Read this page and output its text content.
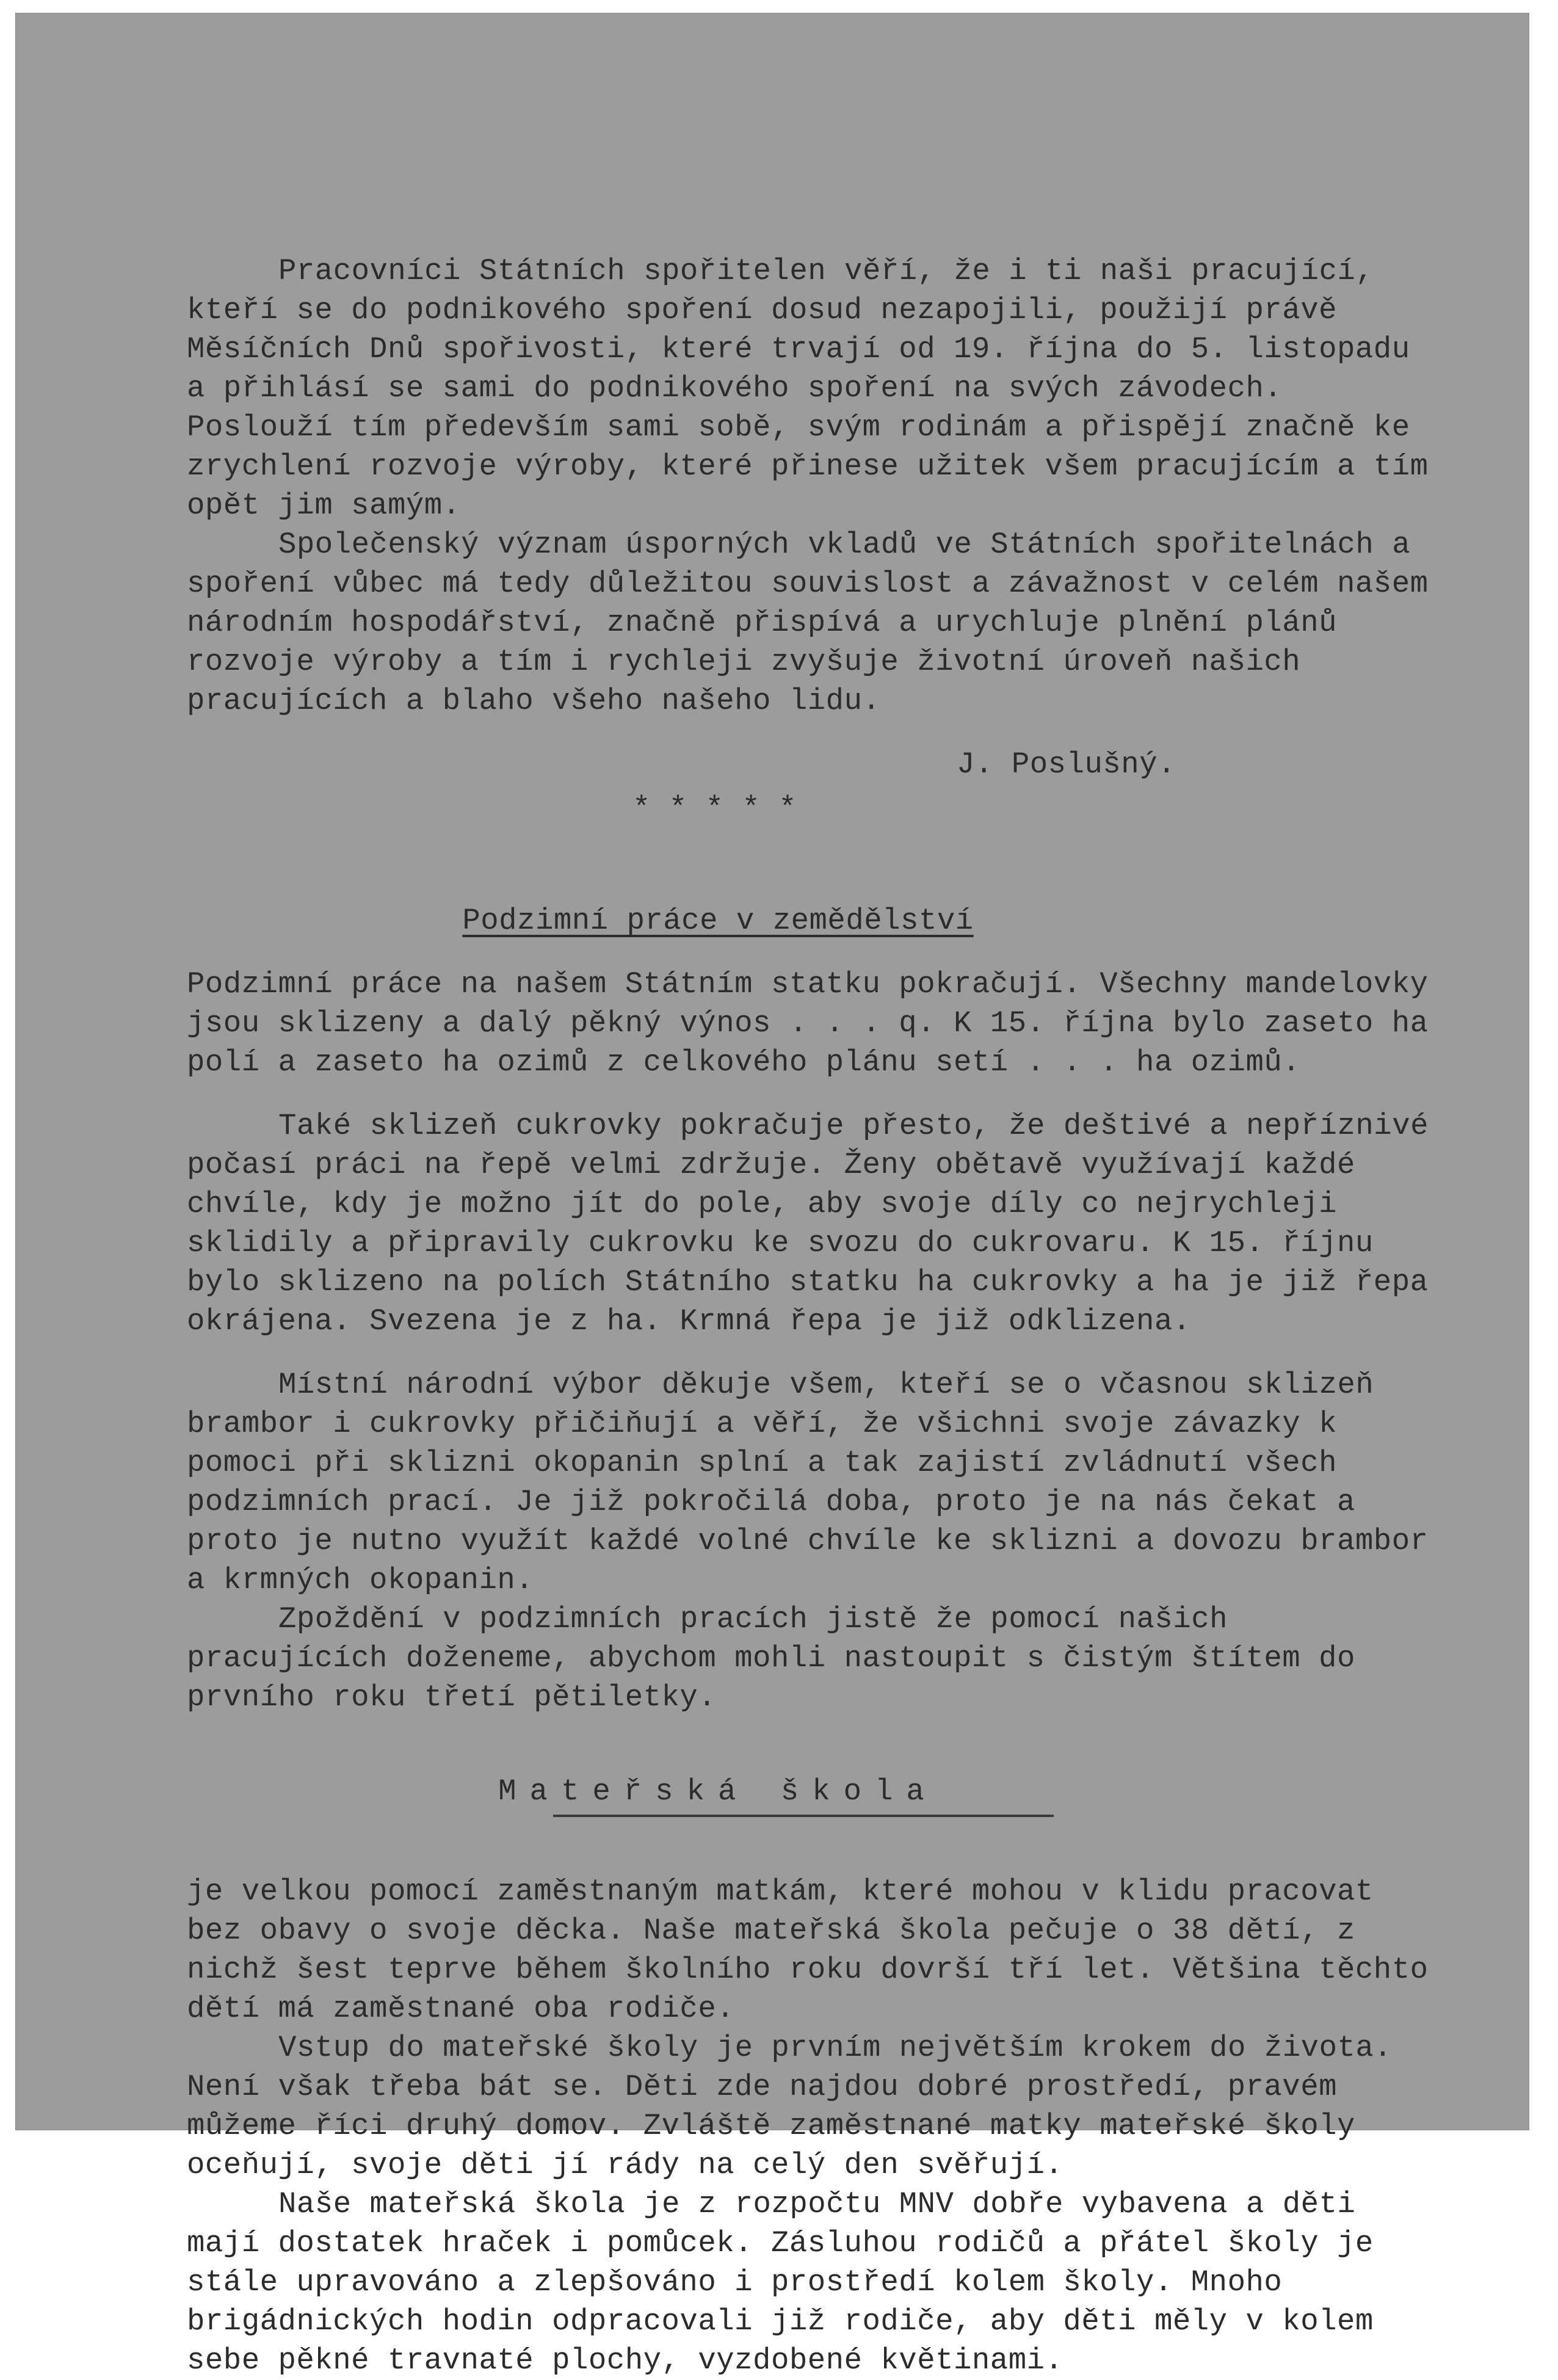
Pracovníci Státních spořitelen věří, že i ti naši pracující, kteří se do podnikového spoření dosud nezapojili, použijí právě Měsíčních Dnů spořivosti, které trvají od 19. října do 5. listopadu a přihlásí se sami do podnikového spoření na svých závodech. Poslouží tím především sami sobě, svým rodinám a přispějí značně ke zrychlení rozvoje výroby, které přinese užitek všem pracujícím a tím opět jim samým.

Společenský význam úsporných vkladů ve Státních spořitelnách a spoření vůbec má tedy důležitou souvislost a závažnost v celém našem národním hospodářství, značně přispívá a urychluje plnění plánů rozvoje výroby a tím i rychleji zvyšuje životní úroveň našich pracujících a blaho všeho našeho lidu.

J. Poslušný.

* * * * *

Podzimní práce v zemědělství

Podzimní práce na našem Státním statku pokračují. Všechny mandelovky jsou sklizeny a dalý pěkný výnos . . . q. K 15. října bylo zaseto ha polí a zaseto ha ozimů z celkového plánu setí . . . ha ozimů.

Také sklizeň cukrovky pokračuje přesto, že deštivé a nepříznivé počasí práci na řepě velmi zdržuje. Ženy obětavě využívají každé chvíle, kdy je možno jít do pole, aby svoje díly co nejrychleji sklidily a připravily cukrovku ke svozu do cukrovaru. K 15. říjnu bylo sklizeno na polích Státního statku ha cukrovky a ha je již řepa okrájena. Svezena je z ha. Krmná řepa je již odklizena.

Místní národní výbor děkuje všem, kteří se o včasnou sklizeň brambor i cukrovky přičiňují a věří, že všichni svoje závazky k pomoci při sklizni okopanin splní a tak zajistí zvládnutí všech podzimních prací. Je již pokročilá doba, proto je na nás čekat a proto je nutno využít každé volné chvíle ke sklizni a dovozu brambor a krmných okopanin.

Zpoždění v podzimních pracích jistě že pomocí našich pracujících doženeme, abychom mohli nastoupit s čistým štítem do prvního roku třetí pětiletky.

Mateřská škola

je velkou pomocí zaměstnaným matkám, které mohou v klidu pracovat bez obavy o svoje děcka. Naše mateřská škola pečuje o 38 dětí, z nichž šest teprve během školního roku dovrší tří let. Většina těchto dětí má zaměstnané oba rodiče.

Vstup do mateřské školy je prvním největším krokem do života. Není však třeba bát se. Děti zde najdou dobré prostředí, pravém můžeme říci druhý domov. Zvláště zaměstnané matky mateřské školy oceňují, svoje děti jí rády na celý den svěřují.

Naše mateřská škola je z rozpočtu MNV dobře vybavena a děti mají dostatek hraček i pomůcek. Zásluhou rodičů a přátel školy je stále upravováno a zlepšováno i prostředí kolem školy. Mnoho brigádnických hodin odpracovali již rodiče, aby děti měly v kolem sebe pěkné travnaté plochy, vyzdobené květinami.
